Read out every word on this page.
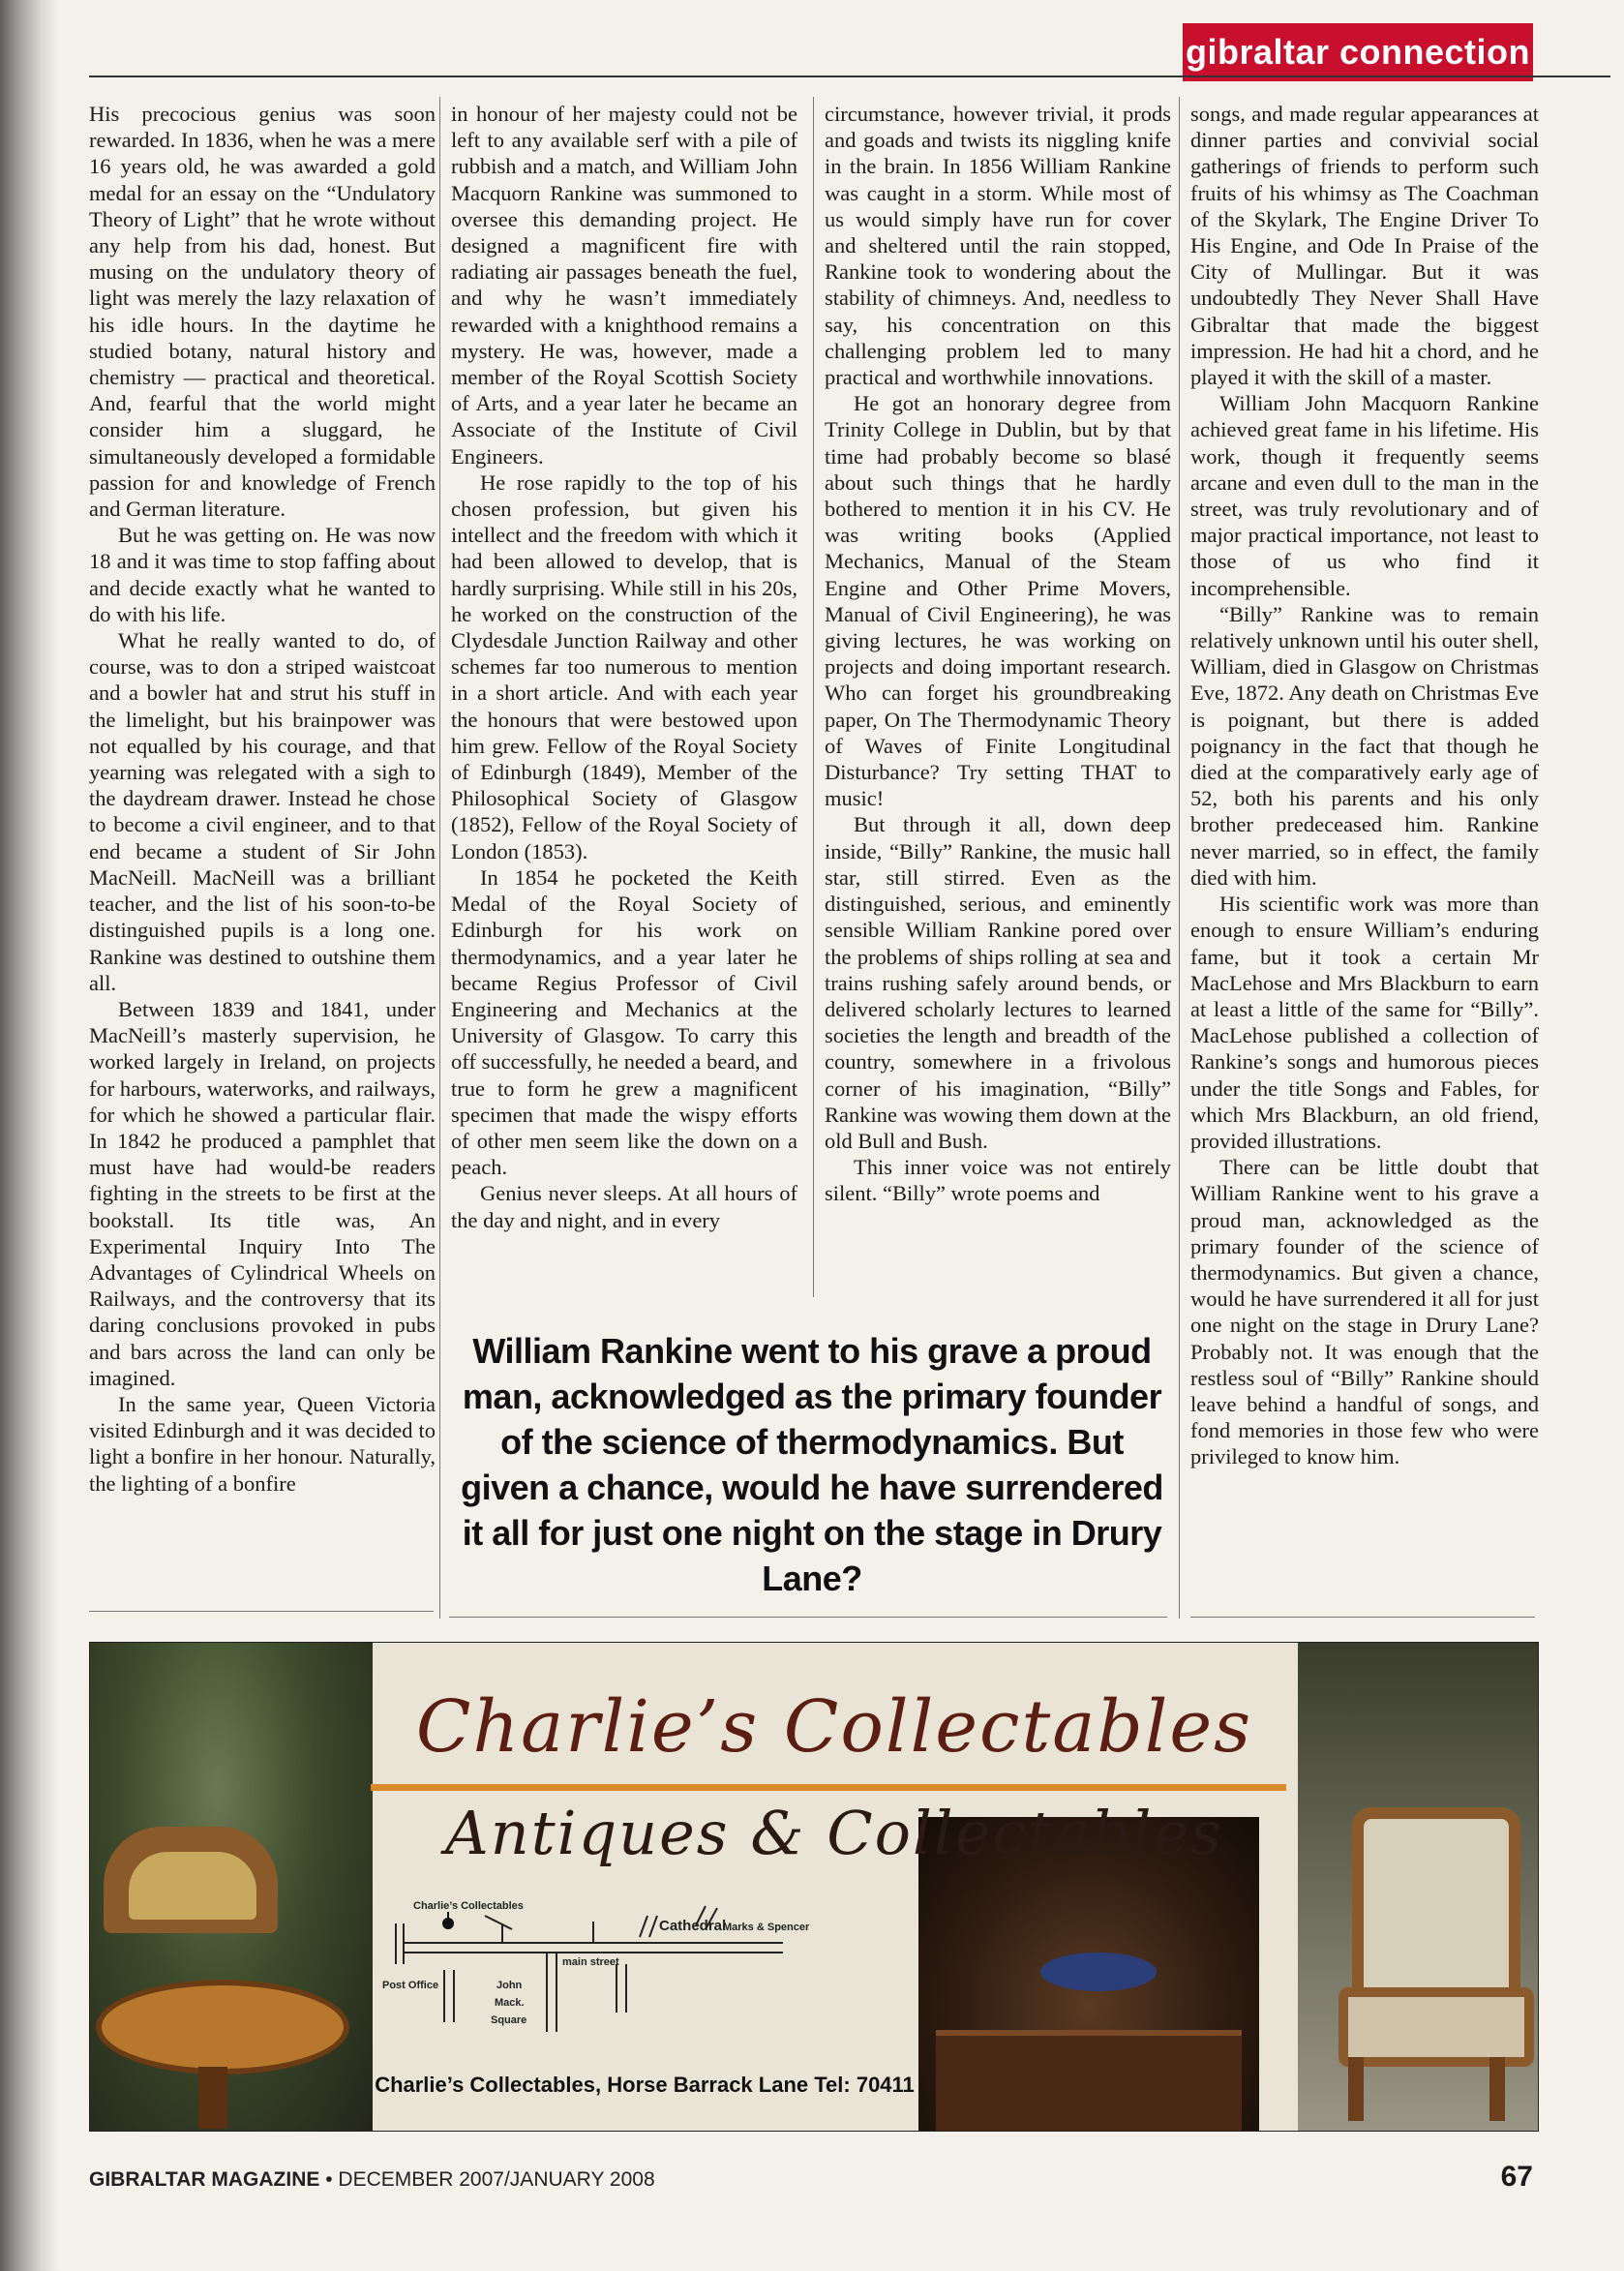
gibraltar connection

His precocious genius was soon rewarded. In 1836, when he was a mere 16 years old, he was awarded a gold medal for an essay on the “Undulatory Theory of Light” that he wrote without any help from his dad, honest. But musing on the undulatory theory of light was merely the lazy relaxation of his idle hours. In the daytime he studied botany, natural history and chemistry — practical and theoretical. And, fearful that the world might consider him a sluggard, he simultaneously developed a formidable passion for and knowledge of French and German literature.

But he was getting on. He was now 18 and it was time to stop faffing about and decide exactly what he wanted to do with his life.

What he really wanted to do, of course, was to don a striped waistcoat and a bowler hat and strut his stuff in the limelight, but his brainpower was not equalled by his courage, and that yearning was relegated with a sigh to the daydream drawer. Instead he chose to become a civil engineer, and to that end became a student of Sir John MacNeill. MacNeill was a brilliant teacher, and the list of his soon-to-be distinguished pupils is a long one. Rankine was destined to outshine them all.

Between 1839 and 1841, under MacNeill’s masterly supervision, he worked largely in Ireland, on projects for harbours, waterworks, and railways, for which he showed a particular flair. In 1842 he produced a pamphlet that must have had would-be readers fighting in the streets to be first at the bookstall. Its title was, An Experimental Inquiry Into The Advantages of Cylindrical Wheels on Railways, and the controversy that its daring conclusions provoked in pubs and bars across the land can only be imagined.

In the same year, Queen Victoria visited Edinburgh and it was decided to light a bonfire in her honour. Naturally, the lighting of a bonfire

in honour of her majesty could not be left to any available serf with a pile of rubbish and a match, and William John Macquorn Rankine was summoned to oversee this demanding project. He designed a magnificent fire with radiating air passages beneath the fuel, and why he wasn’t immediately rewarded with a knighthood remains a mystery. He was, however, made a member of the Royal Scottish Society of Arts, and a year later he became an Associate of the Institute of Civil Engineers.

He rose rapidly to the top of his chosen profession, but given his intellect and the freedom with which it had been allowed to develop, that is hardly surprising. While still in his 20s, he worked on the construction of the Clydesdale Junction Railway and other schemes far too numerous to mention in a short article. And with each year the honours that were bestowed upon him grew. Fellow of the Royal Society of Edinburgh (1849), Member of the Philosophical Society of Glasgow (1852), Fellow of the Royal Society of London (1853).

In 1854 he pocketed the Keith Medal of the Royal Society of Edinburgh for his work on thermodynamics, and a year later he became Regius Professor of Civil Engineering and Mechanics at the University of Glasgow. To carry this off successfully, he needed a beard, and true to form he grew a magnificent specimen that made the wispy efforts of other men seem like the down on a peach.

Genius never sleeps. At all hours of the day and night, and in every

circumstance, however trivial, it prods and goads and twists its niggling knife in the brain. In 1856 William Rankine was caught in a storm. While most of us would simply have run for cover and sheltered until the rain stopped, Rankine took to wondering about the stability of chimneys. And, needless to say, his concentration on this challenging problem led to many practical and worthwhile innovations.

He got an honorary degree from Trinity College in Dublin, but by that time had probably become so blasé about such things that he hardly bothered to mention it in his CV. He was writing books (Applied Mechanics, Manual of the Steam Engine and Other Prime Movers, Manual of Civil Engineering), he was giving lectures, he was working on projects and doing important research. Who can forget his groundbreaking paper, On The Thermodynamic Theory of Waves of Finite Longitudinal Disturbance? Try setting THAT to music!

But through it all, down deep inside, “Billy” Rankine, the music hall star, still stirred. Even as the distinguished, serious, and eminently sensible William Rankine pored over the problems of ships rolling at sea and trains rushing safely around bends, or delivered scholarly lectures to learned societies the length and breadth of the country, somewhere in a frivolous corner of his imagination, “Billy” Rankine was wowing them down at the old Bull and Bush.

This inner voice was not entirely silent. “Billy” wrote poems and

songs, and made regular appearances at dinner parties and convivial social gatherings of friends to perform such fruits of his whimsy as The Coachman of the Skylark, The Engine Driver To His Engine, and Ode In Praise of the City of Mullingar. But it was undoubtedly They Never Shall Have Gibraltar that made the biggest impression. He had hit a chord, and he played it with the skill of a master.

William John Macquorn Rankine achieved great fame in his lifetime. His work, though it frequently seems arcane and even dull to the man in the street, was truly revolutionary and of major practical importance, not least to those of us who find it incomprehensible.

“Billy” Rankine was to remain relatively unknown until his outer shell, William, died in Glasgow on Christmas Eve, 1872. Any death on Christmas Eve is poignant, but there is added poignancy in the fact that though he died at the comparatively early age of 52, both his parents and his only brother predeceased him. Rankine never married, so in effect, the family died with him.

His scientific work was more than enough to ensure William’s enduring fame, but it took a certain Mr MacLehose and Mrs Blackburn to earn at least a little of the same for “Billy”. MacLehose published a collection of Rankine’s songs and humorous pieces under the title Songs and Fables, for which Mrs Blackburn, an old friend, provided illustrations.

There can be little doubt that William Rankine went to his grave a proud man, acknowledged as the primary founder of the science of thermodynamics. But given a chance, would he have surrendered it all for just one night on the stage in Drury Lane? Probably not. It was enough that the restless soul of “Billy” Rankine should leave behind a handful of songs, and fond memories in those few who were privileged to know him.

William Rankine went to his grave a proud man, acknowledged as the primary founder of the science of thermodynamics. But given a chance, would he have surrendered it all for just one night on the stage in Drury Lane?
Charlie’s Collectables
Antiques & Collectables
Charlie’s Collectables
Cathedral
Marks & Spencer
main street
Post Office	John
Mack.
Square
Charlie’s Collectables, Horse Barrack Lane Tel: 70411
GIBRALTAR MAGAZINE • DECEMBER 2007/JANUARY 2008	67
